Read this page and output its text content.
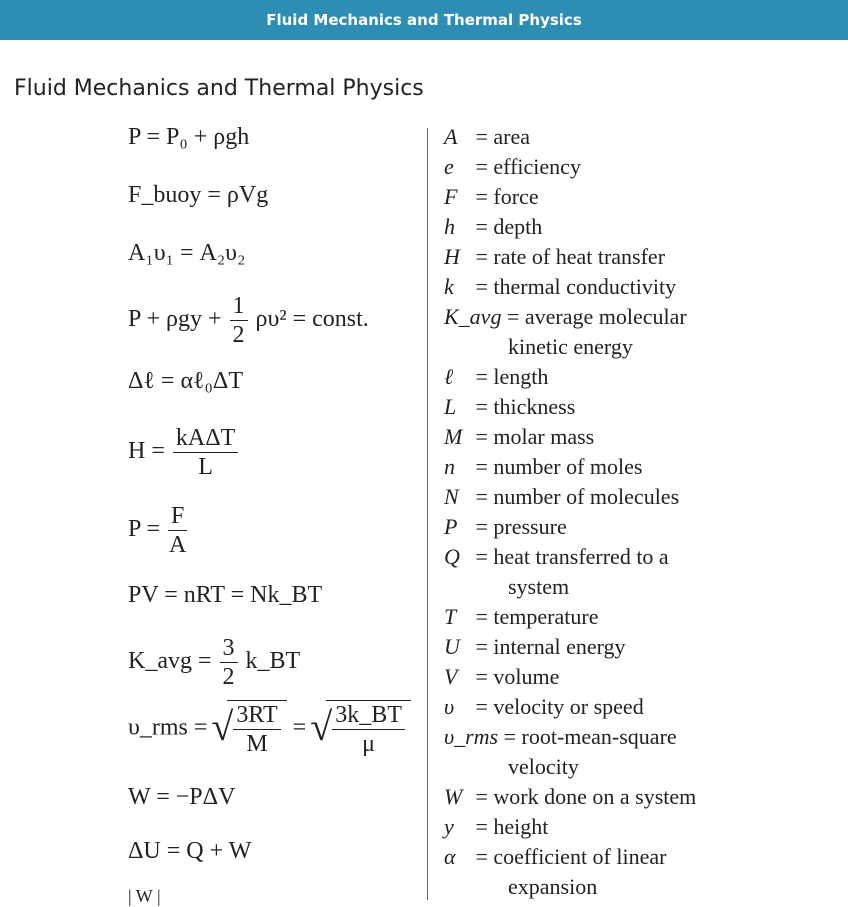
Fluid Mechanics and Thermal Physics
Fluid Mechanics and Thermal Physics
P = P₀ + ρgh
F_buoy = ρVg
A₁υ₁ = A₂υ₂
$P + \rho gy + \frac{1}{2} \rho\upsilon^2$ = const.
Δℓ = αℓ₀ΔT
$H = \frac{\text{kAΔT}}{L}$
$P = \frac{F}{A}$
PV = nRT = Nk_BT
K_avg = $\frac{3}{2}$ k_BT
υ_rms = √ $\frac{3RT}{M}$ = √ $\frac{3k\_BT}{\mu}$
W = −PΔV
ΔU = Q + W
| W |
A = area
e = efficiency
F = force
h = depth
H = rate of heat transfer
k = thermal conductivity
K_avg = average molecular
kinetic energy
ℓ = length
L = thickness
M = molar mass
n = number of moles
N = number of molecules
P = pressure
Q = heat transferred to a
system
T = temperature
U = internal energy
V = volume
υ = velocity or speed
υ_rms = root-mean-square
velocity
W = work done on a system
y = height
α = coefficient of linear
expansion
